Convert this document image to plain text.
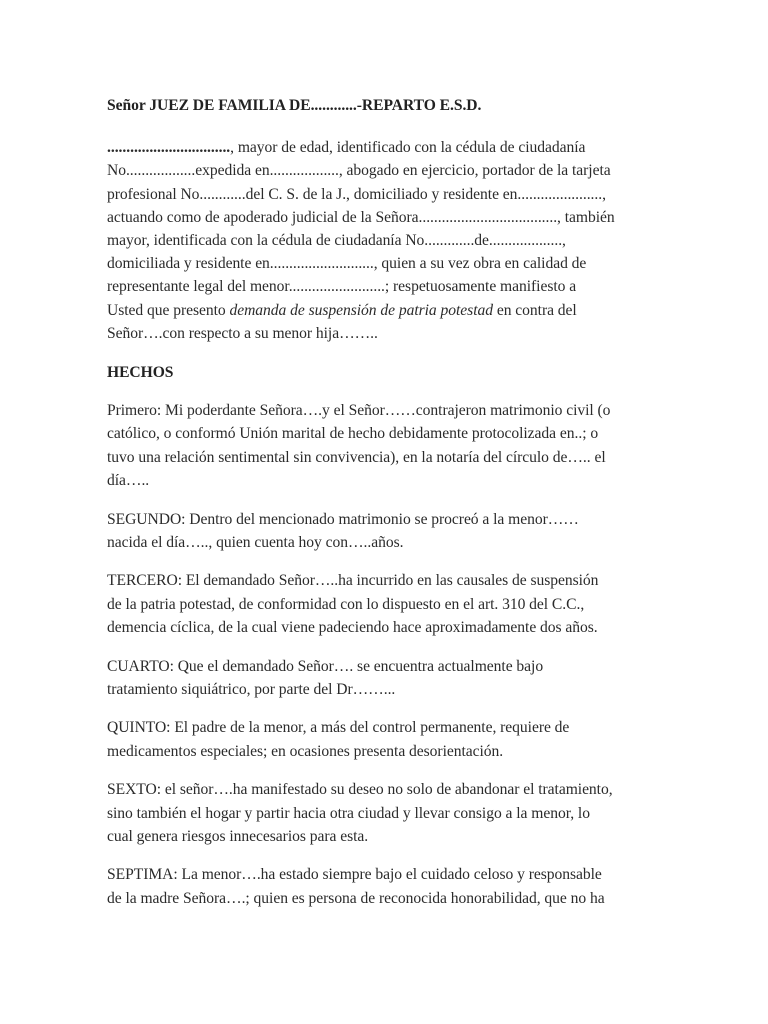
Señor JUEZ DE FAMILIA DE............-REPARTO E.S.D.
................................, mayor de edad, identificado con la cédula de ciudadanía
No..................expedida en.................., abogado en ejercicio, portador de la tarjeta
profesional No............del C. S. de la J., domiciliado y residente en......................,
actuando como de apoderado judicial de la Señora...................................., también
mayor, identificada con la cédula de ciudadanía No.............de...................,
domiciliada y residente en..........................., quien a su vez obra en calidad de
representante legal del menor.........................; respetuosamente manifiesto a
Usted que presento demanda de suspensión de patria potestad en contra del
Señor….con respecto a su menor hija……..
HECHOS
Primero: Mi poderdante Señora….y el Señor……contrajeron matrimonio civil (o
católico, o conformó Unión marital de hecho debidamente protocolizada en..; o
tuvo una relación sentimental sin convivencia), en la notaría del círculo de….. el
día…..
SEGUNDO: Dentro del mencionado matrimonio se procreó a la menor……
nacida el día….., quien cuenta hoy con…..años.
TERCERO: El demandado Señor…..ha incurrido en las causales de suspensión
de la patria potestad, de conformidad con lo dispuesto en el art. 310 del C.C.,
demencia cíclica, de la cual viene padeciendo hace aproximadamente dos años.
CUARTO: Que el demandado Señor…. se encuentra actualmente bajo
tratamiento siquiátrico, por parte del Dr……...
QUINTO: El padre de la menor, a más del control permanente, requiere de
medicamentos especiales; en ocasiones presenta desorientación.
SEXTO: el señor….ha manifestado su deseo no solo de abandonar el tratamiento,
sino también el hogar y partir hacia otra ciudad y llevar consigo a la menor, lo
cual genera riesgos innecesarios para esta.
SEPTIMA: La menor….ha estado siempre bajo el cuidado celoso y responsable
de la madre Señora….; quien es persona de reconocida honorabilidad, que no ha
